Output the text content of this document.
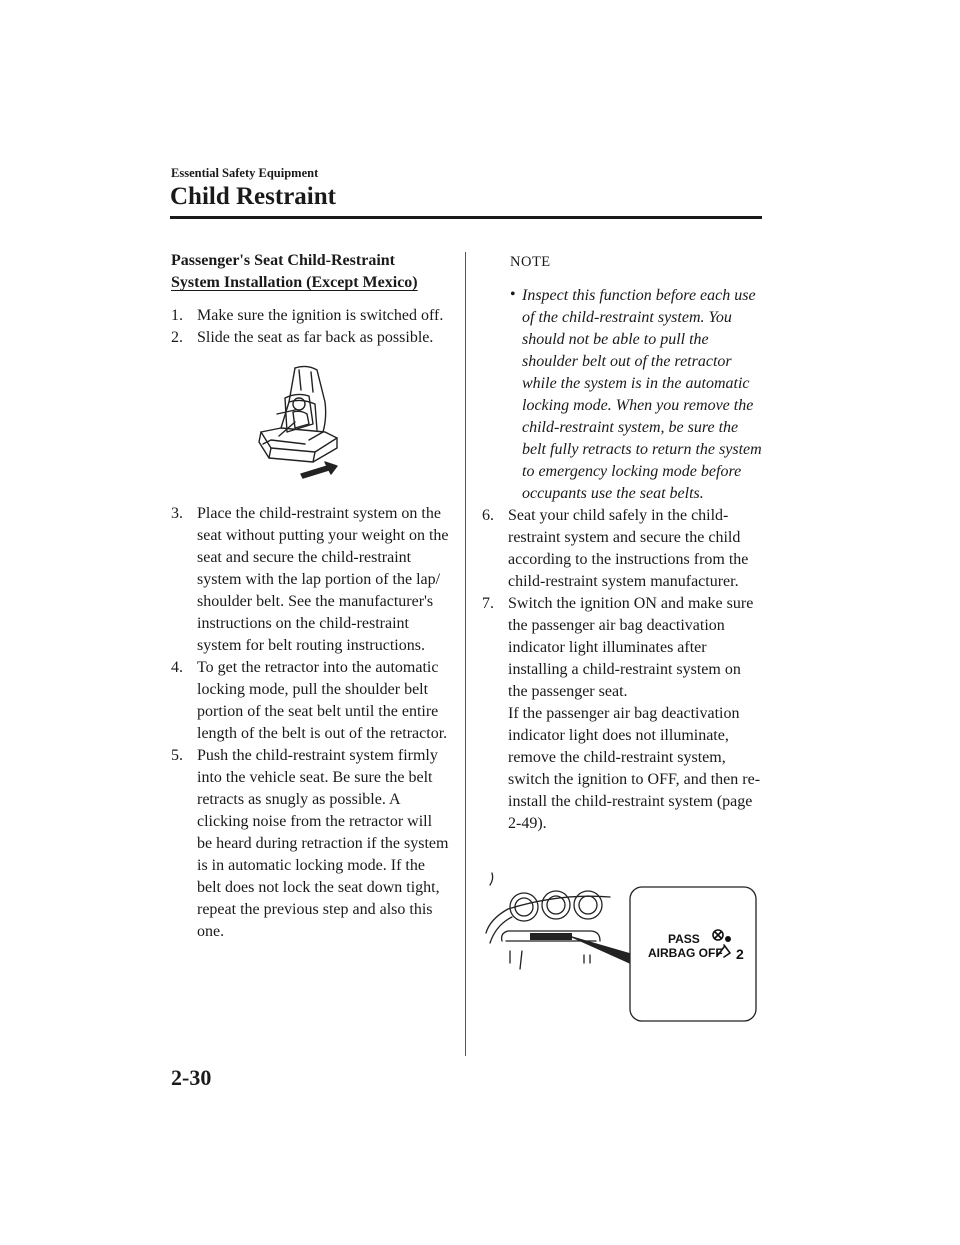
Essential Safety Equipment
Child Restraint
Passenger's Seat Child-Restraint
System Installation (Except Mexico)

1. Make sure the ignition is switched off.

2. Slide the seat as far back as possible.

3. Place the child-restraint system on the seat without putting your weight on the seat and secure the child-restraint system with the lap portion of the lap/ shoulder belt. See the manufacturer's instructions on the child-restraint system for belt routing instructions.

4. To get the retractor into the automatic locking mode, pull the shoulder belt portion of the seat belt until the entire length of the belt is out of the retractor.

5. Push the child-restraint system firmly into the vehicle seat. Be sure the belt retracts as snugly as possible. A clicking noise from the retractor will be heard during retraction if the system is in automatic locking mode. If the belt does not lock the seat down tight, repeat the previous step and also this one.

NOTE

• Inspect this function before each use of the child-restraint system. You should not be able to pull the shoulder belt out of the retractor while the system is in the automatic locking mode. When you remove the child-restraint system, be sure the belt fully retracts to return the system to emergency locking mode before occupants use the seat belts.

6. Seat your child safely in the child-restraint system and secure the child according to the instructions from the child-restraint system manufacturer.

7. Switch the ignition ON and make sure the passenger air bag deactivation indicator light illuminates after installing a child-restraint system on the passenger seat.
If the passenger air bag deactivation indicator light does not illuminate, remove the child-restraint system, switch the ignition to OFF, and then re-install the child-restraint system (page 2-49).

PASS
AIRBAG OFF 2
2-30
